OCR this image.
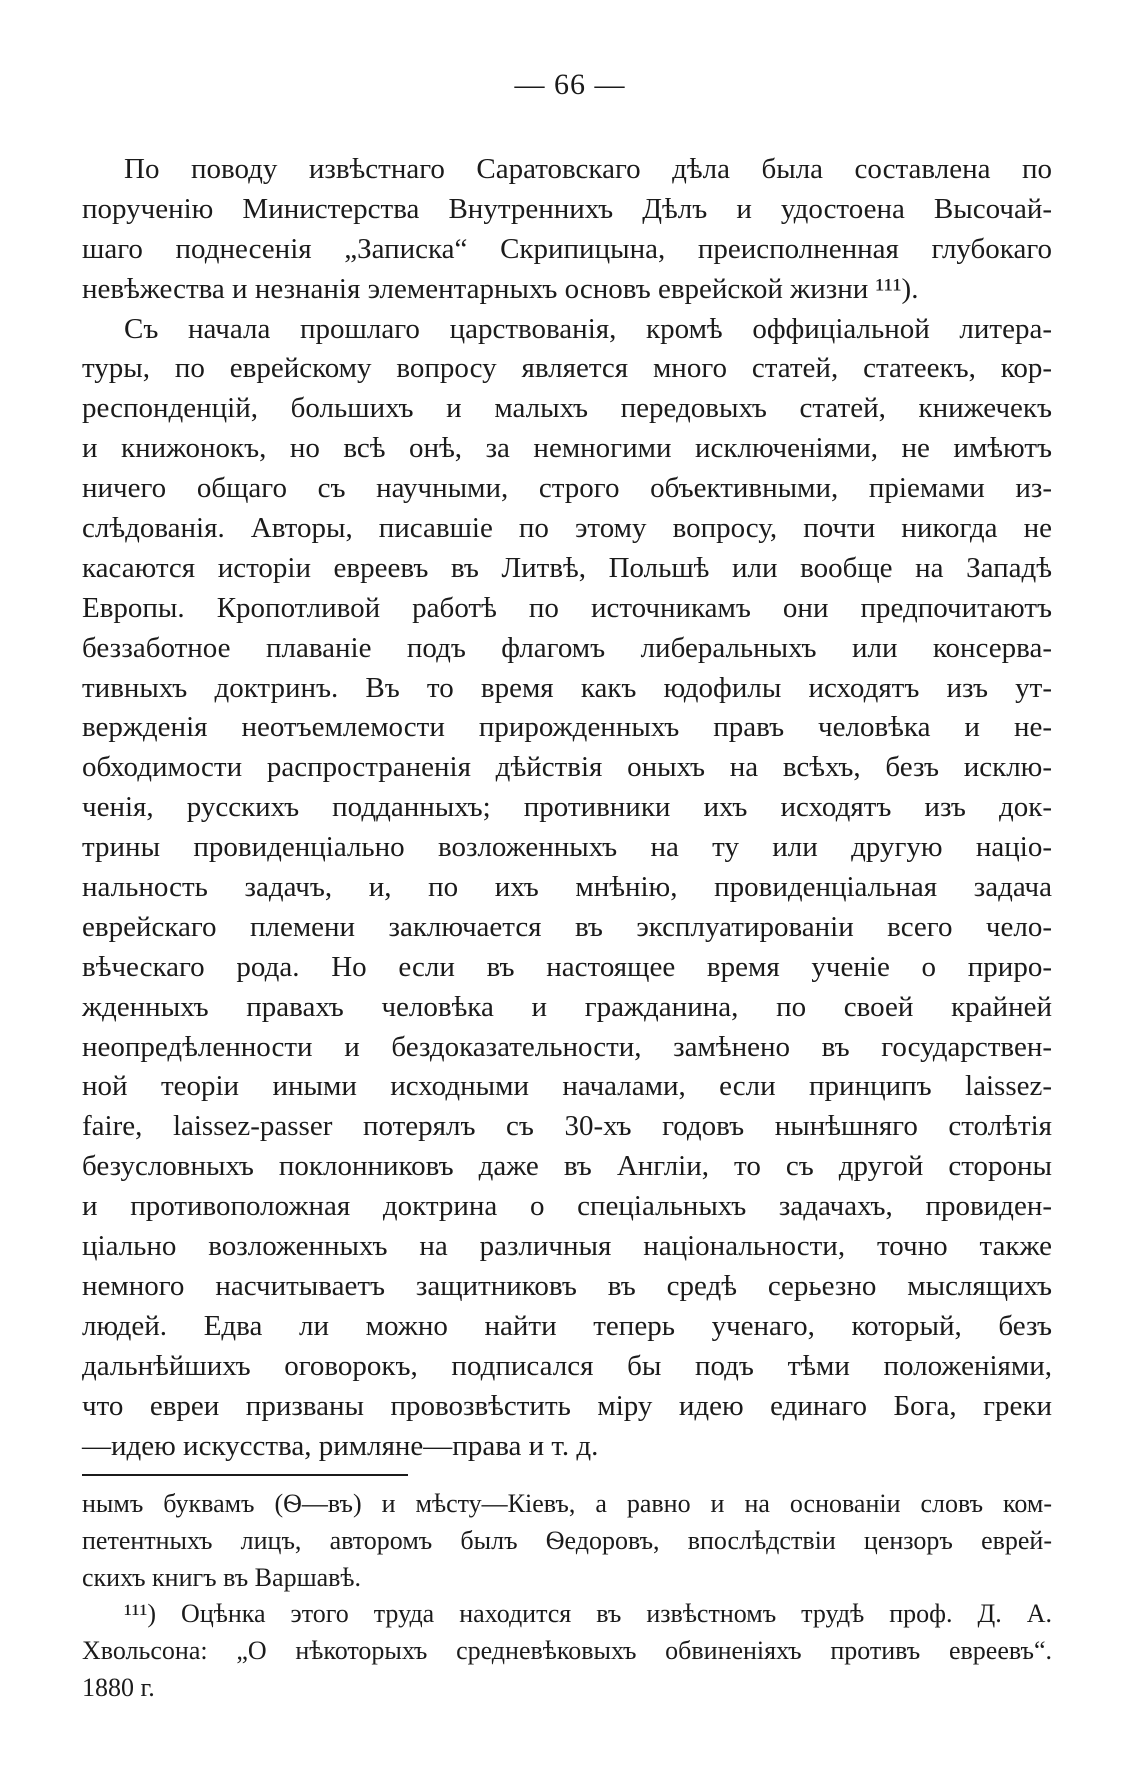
— 66 —
По поводу извѣстнаго Саратовскаго дѣла была составлена по
порученію Министерства Внутреннихъ Дѣлъ и удостоена Высочай-
шаго поднесенія „Записка“ Скрипицына, преисполненная глубокаго
невѣжества и незнанія элементарныхъ основъ еврейской жизни ¹¹¹).
Съ начала прошлаго царствованія, кромѣ оффиціальной литера-
туры, по еврейскому вопросу является много статей, статеекъ, кор-
респонденцій, большихъ и малыхъ передовыхъ статей, книжечекъ
и книжонокъ, но всѣ онѣ, за немногими исключеніями, не имѣютъ
ничего общаго съ научными, строго объективными, пріемами из-
слѣдованія. Авторы, писавшіе по этому вопросу, почти никогда не
касаются исторіи евреевъ въ Литвѣ, Польшѣ или вообще на Западѣ
Европы. Кропотливой работѣ по источникамъ они предпочитаютъ
беззаботное плаваніе подъ флагомъ либеральныхъ или консерва-
тивныхъ доктринъ. Въ то время какъ юдофилы исходятъ изъ ут-
вержденія неотъемлемости прирожденныхъ правъ человѣка и не-
обходимости распространенія дѣйствія оныхъ на всѣхъ, безъ исклю-
ченія, русскихъ подданныхъ; противники ихъ исходятъ изъ док-
трины провиденціально возложенныхъ на ту или другую націо-
нальность задачъ, и, по ихъ мнѣнію, провиденціальная задача
еврейскаго племени заключается въ эксплуатированіи всего чело-
вѣческаго рода. Но если въ настоящее время ученіе о приро-
жденныхъ правахъ человѣка и гражданина, по своей крайней
неопредѣленности и бездоказательности, замѣнено въ государствен-
ной теоріи иными исходными началами, если принципъ laissez-
faire, laissez-passer потерялъ съ 30-хъ годовъ нынѣшняго столѣтія
безусловныхъ поклонниковъ даже въ Англіи, то съ другой стороны
и противоположная доктрина о спеціальныхъ задачахъ, провиден-
ціально возложенныхъ на различныя національности, точно также
немного насчитываетъ защитниковъ въ средѣ серьезно мыслящихъ
людей. Едва ли можно найти теперь ученаго, который, безъ
дальнѣйшихъ оговорокъ, подписался бы подъ тѣми положеніями,
что евреи призваны провозвѣстить міру идею единаго Бога, греки
—идею искусства, римляне—права и т. д.
нымъ буквамъ (Ѳ—въ) и мѣсту—Кіевъ, а равно и на основаніи словъ ком-
петентныхъ лицъ, авторомъ былъ Ѳедоровъ, впослѣдствіи цензоръ еврей-
скихъ книгъ въ Варшавѣ.
¹¹¹) Оцѣнка этого труда находится въ извѣстномъ трудѣ проф. Д. А.
Хвольсона: „О нѣкоторыхъ средневѣковыхъ обвиненіяхъ противъ евреевъ“.
1880 г.
